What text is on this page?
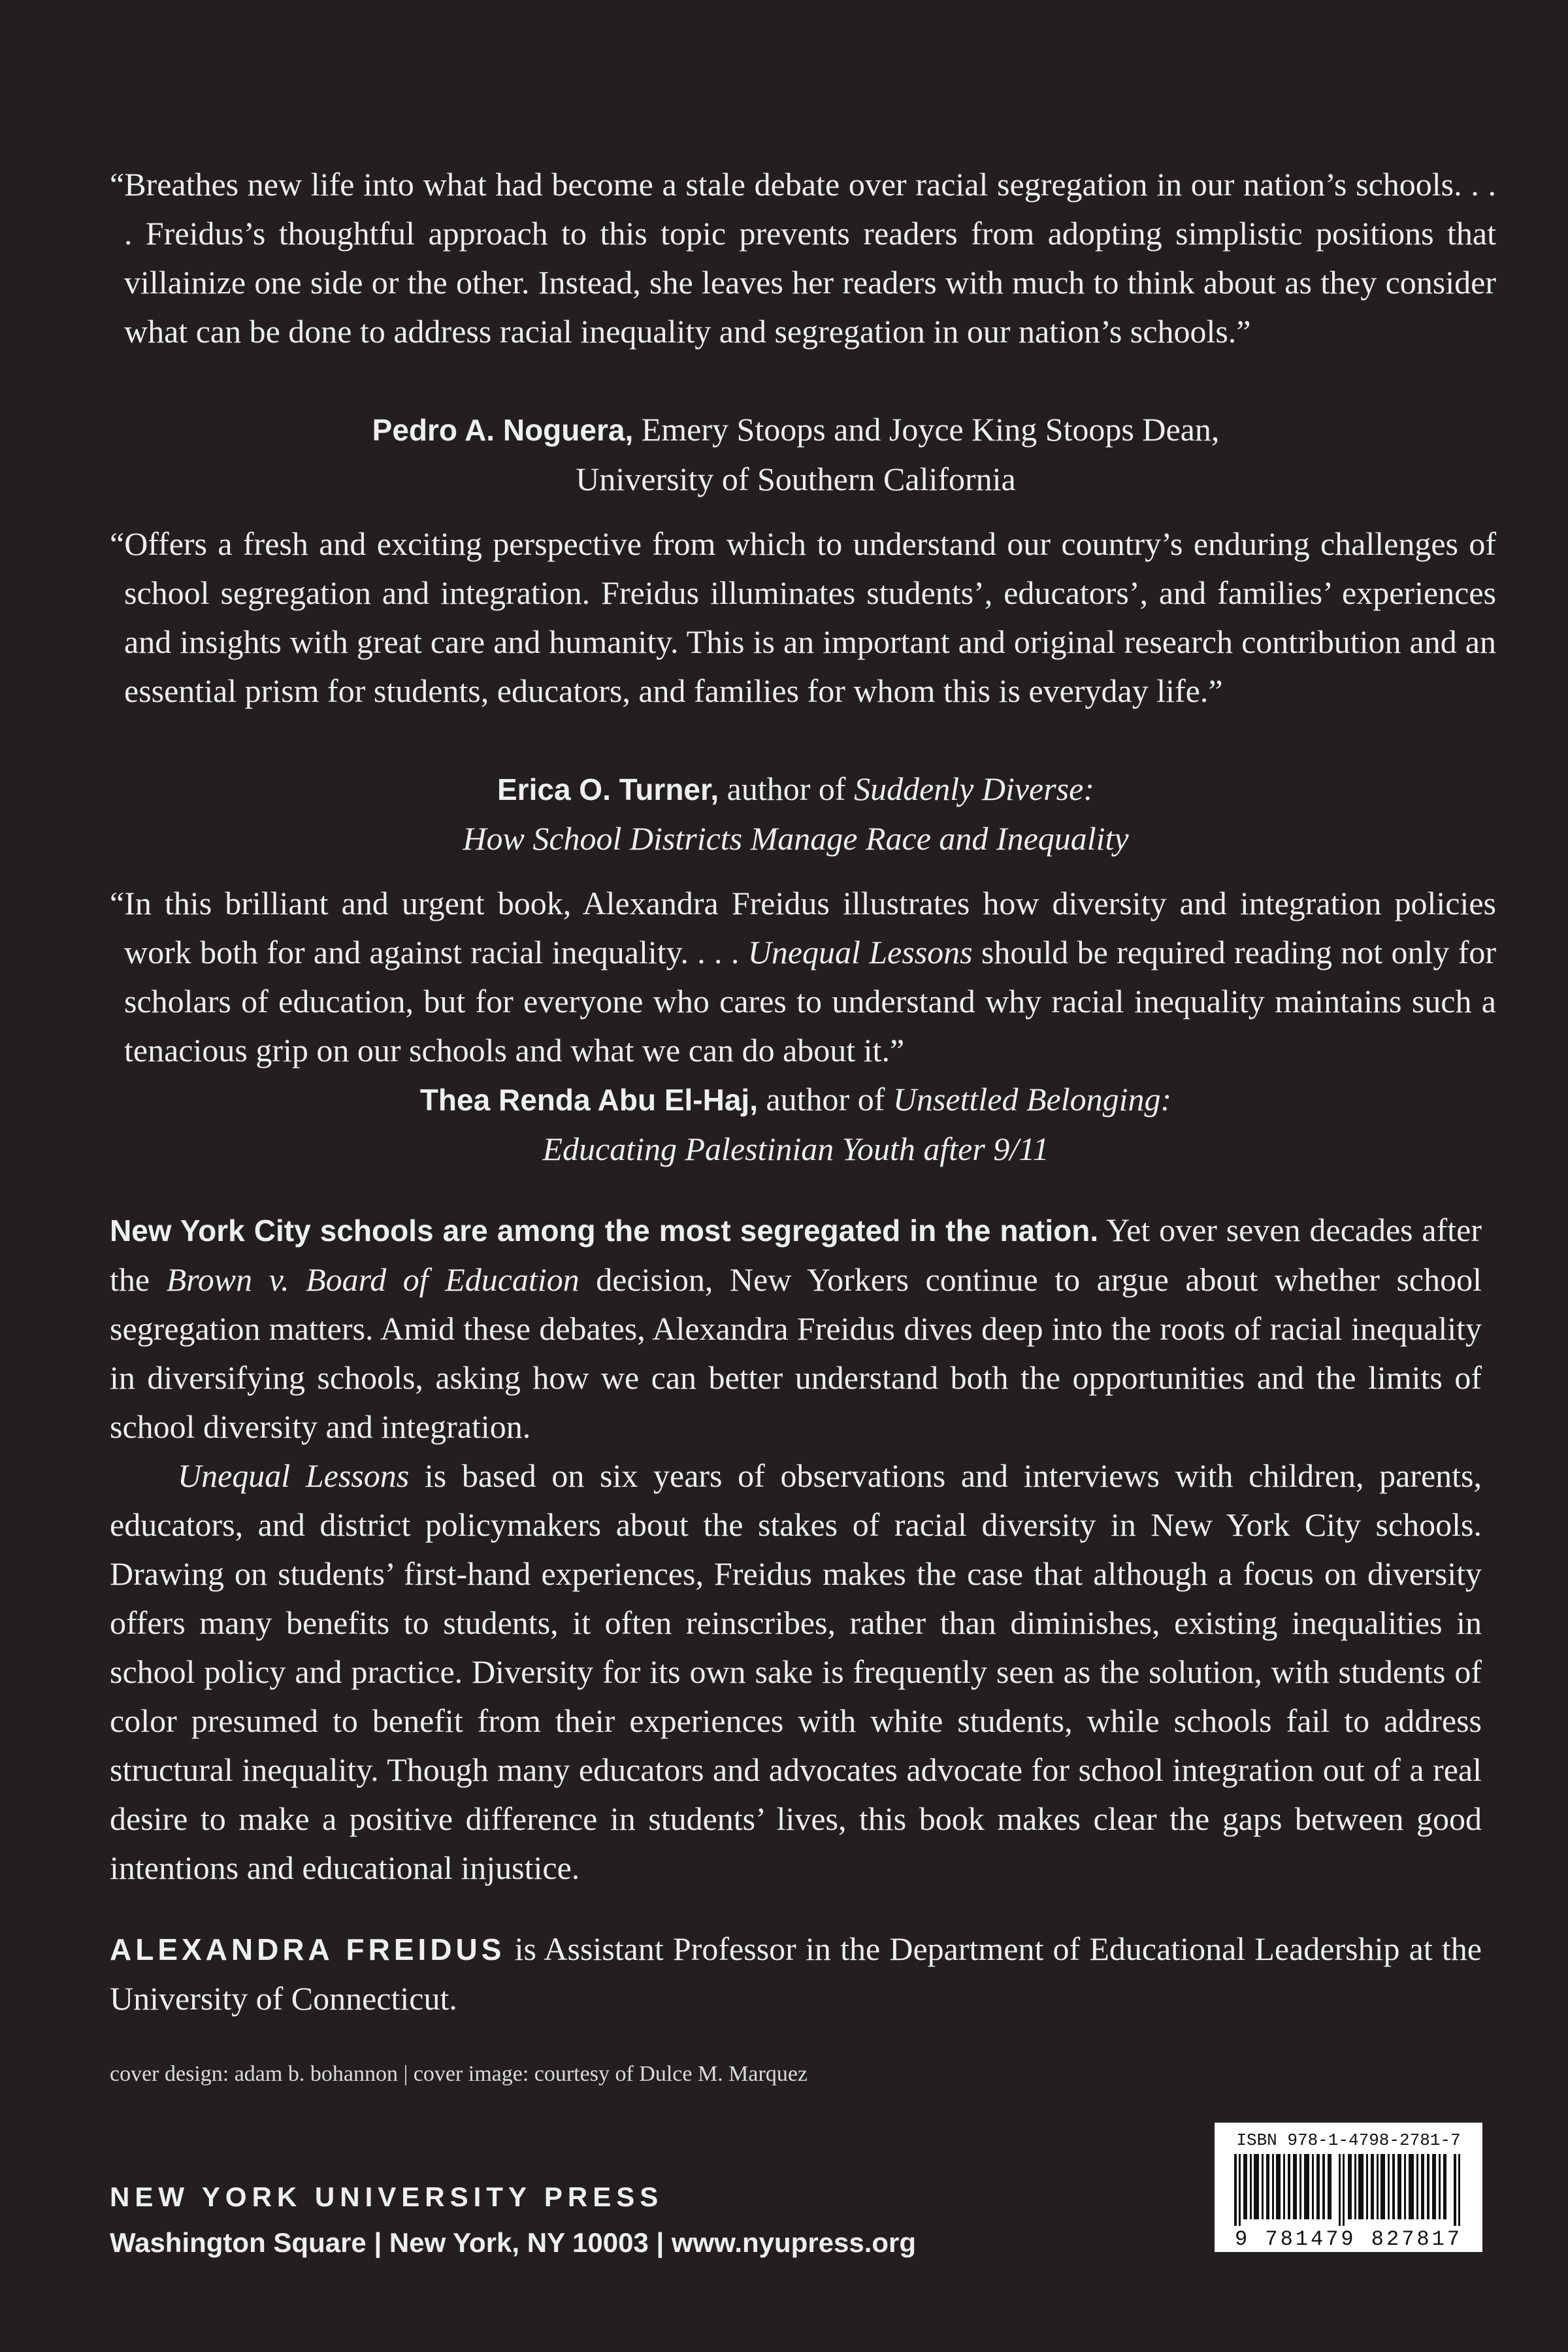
“Breathes new life into what had become a stale debate over racial segregation in our nation’s schools. . . . Freidus’s thoughtful approach to this topic prevents readers from adopting simplistic positions that villainize one side or the other. Instead, she leaves her readers with much to think about as they consider what can be done to address racial inequality and segregation in our nation’s schools.”
Pedro A. Noguera, Emery Stoops and Joyce King Stoops Dean,
University of Southern California
“Offers a fresh and exciting perspective from which to understand our country’s enduring challenges of school segregation and integration. Freidus illuminates students’, educators’, and families’ experiences and insights with great care and humanity. This is an important and original research contribution and an essential prism for students, educators, and families for whom this is everyday life.”
Erica O. Turner, author of Suddenly Diverse:
How School Districts Manage Race and Inequality
“In this brilliant and urgent book, Alexandra Freidus illustrates how diversity and integration policies work both for and against racial inequality. . . . Unequal Lessons should be required reading not only for scholars of education, but for everyone who cares to understand why racial inequality maintains such a tenacious grip on our schools and what we can do about it.”
Thea Renda Abu El-Haj, author of Unsettled Belonging:
Educating Palestinian Youth after 9/11

New York City schools are among the most segregated in the nation. Yet over seven decades after the Brown v. Board of Education decision, New Yorkers continue to argue about whether school segregation matters. Amid these debates, Alexandra Freidus dives deep into the roots of racial inequality in diversifying schools, asking how we can better understand both the opportunities and the limits of school diversity and integration.

Unequal Lessons is based on six years of observations and interviews with children, parents, educators, and district policymakers about the stakes of racial diversity in New York City schools. Drawing on students’ first-hand experiences, Freidus makes the case that although a focus on diversity offers many benefits to students, it often reinscribes, rather than diminishes, existing inequalities in school policy and practice. Diversity for its own sake is frequently seen as the solution, with students of color presumed to benefit from their experiences with white students, while schools fail to address structural inequality. Though many educators and advocates advocate for school integration out of a real desire to make a positive difference in students’ lives, this book makes clear the gaps between good intentions and educational injustice.

ALEXANDRA FREIDUS is Assistant Professor in the Department of Educational Leadership at the University of Connecticut.

cover design: adam b. bohannon | cover image: courtesy of Dulce M. Marquez
NEW YORK UNIVERSITY PRESS
Washington Square | New York, NY 10003 | www.nyupress.org
ISBN 978-1-4798-2781-7
9 781479 827817
